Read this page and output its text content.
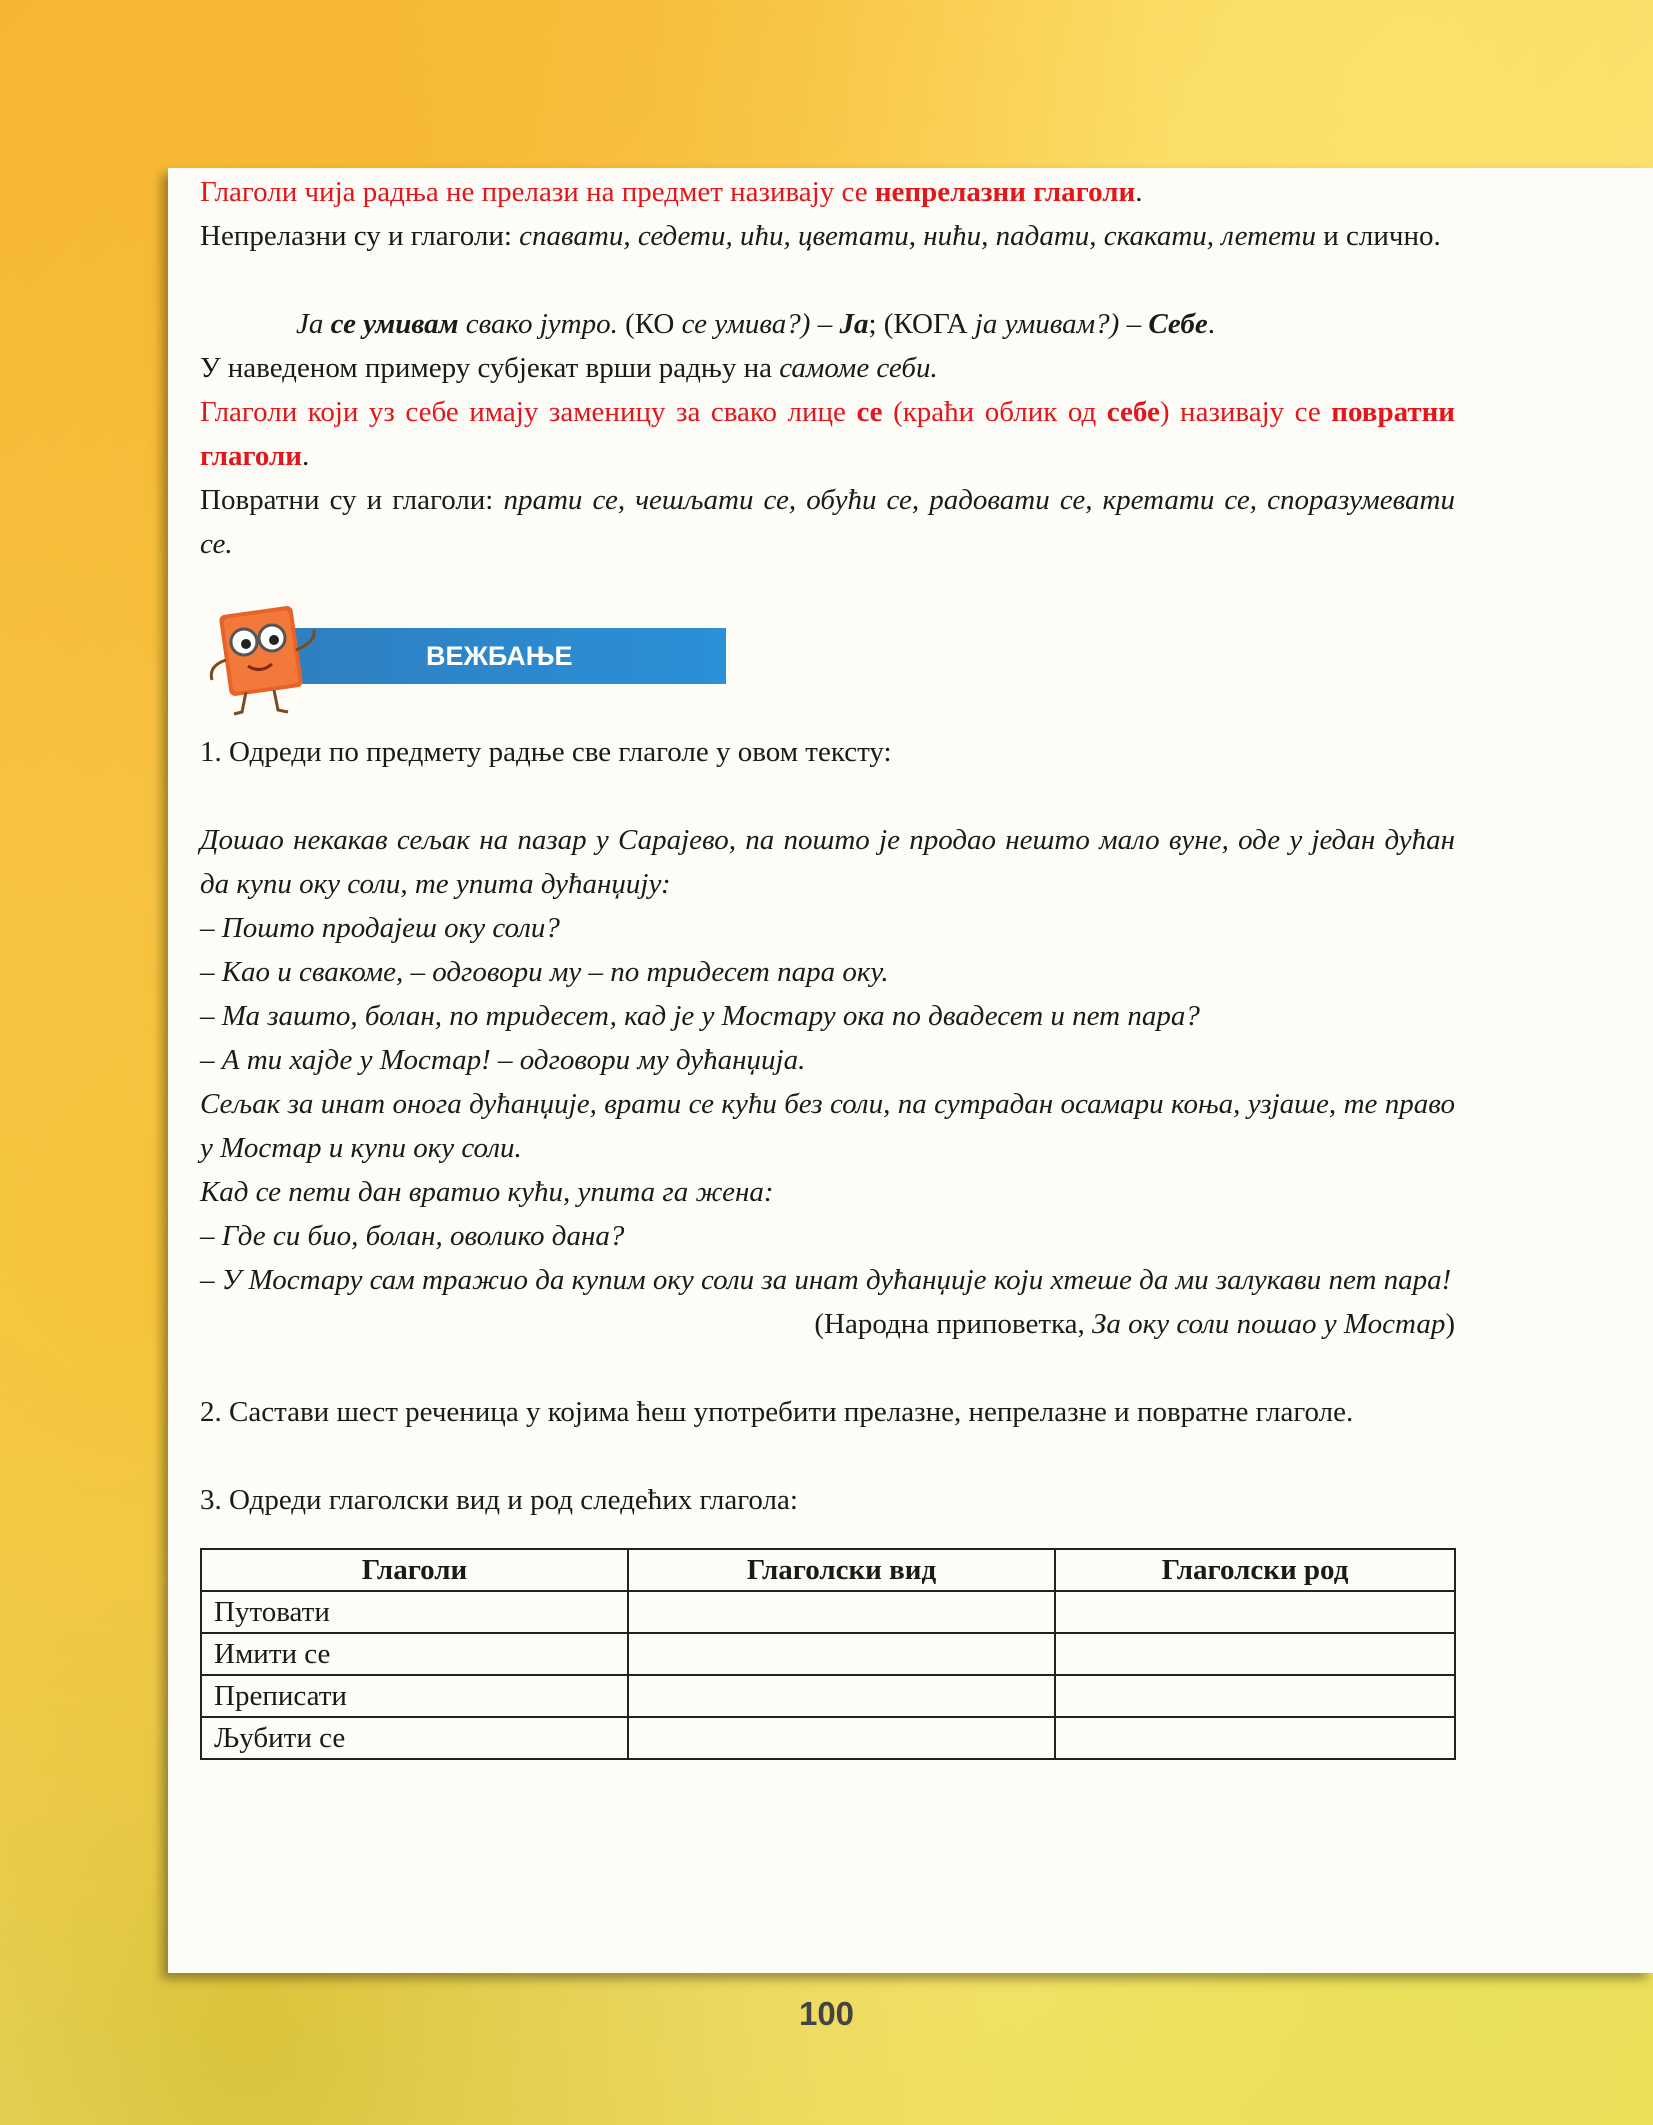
Глаголи чија радња не прелази на предмет називају се непрелазни глаголи.

Непрелазни су и глаголи: спавати, седети, ићи, цветати, нићи, падати, скакати, летети и слично.

Ја се умивам свако јутро. (КО се умива?) – Ја; (КОГА ја умивам?) – Себе.

У наведеном примеру субјекат врши радњу на самоме себи.

Глаголи који уз себе имају заменицу за свако лице се (краћи облик од себе) називају се повратни глаголи.

Повратни су и глаголи: прати се, чешљати се, обући се, радовати се, кретати се, споразумевати се.

ВЕЖБАЊЕ

1. Одреди по предмету радње све глаголе у овом тексту:

Дошао некакав сељак на пазар у Сарајево, па пошто је продао нешто мало вуне, оде у један дућан да купи оку соли, те упита дућанџију:

– Пошто продајеш оку соли?

– Као и свакоме, – одговори му – по тридесет пара оку.

– Ма зашто, болан, по тридесет, кад је у Мостару ока по двадесет и пет пара?

– А ти хајде у Мостар! – одговори му дућанџија.

Сељак за инат онога дућанџије, врати се кући без соли, па сутрадан осамари коња, узјаше, те право у Мостар и купи оку соли.

Кад се пети дан вратио кући, упита га жена:

– Где си био, болан, оволико дана?

– У Мостару сам тражио да купим оку соли за инат дућанџије који хтеше да ми залукави пет пара!

(Народна приповетка, За оку соли пошао у Мостар)

2. Састави шест реченица у којима ћеш употребити прелазне, непрелазне и повратне глаголе.

3. Одреди глаголски вид и род следећих глагола:

Глаголи	Глаголски вид	Глаголски род
Путовати		
Имити се		
Преписати		
Љубити се		
100
